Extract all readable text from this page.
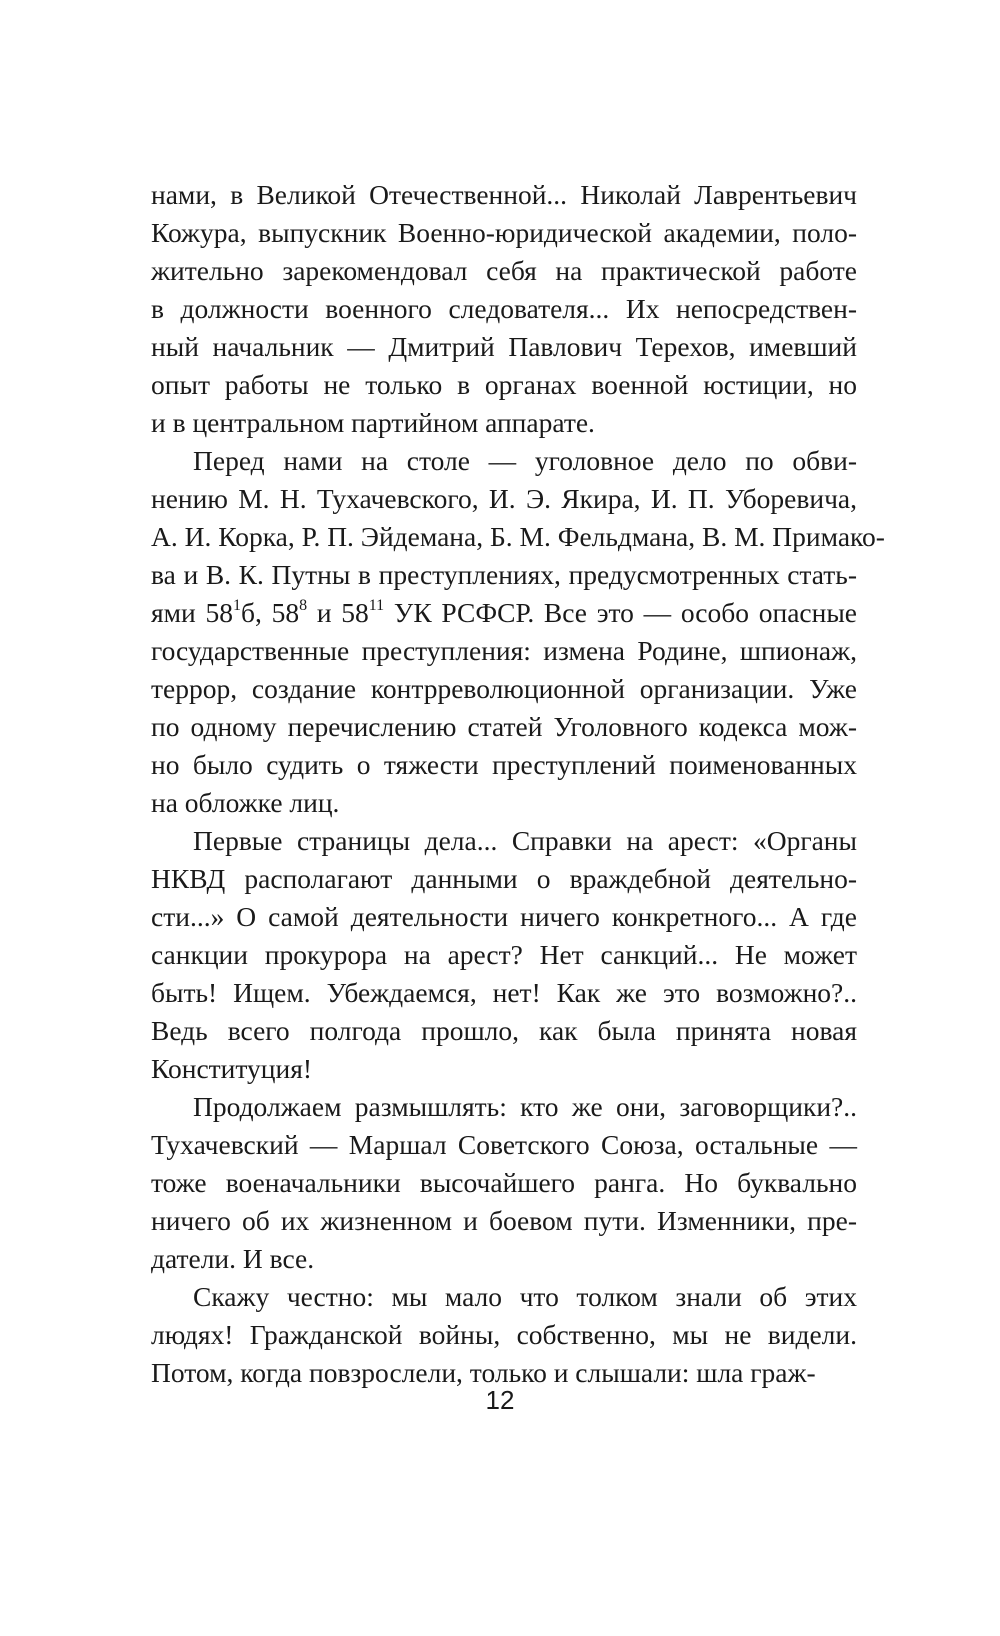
нами, в Великой Отечественной... Николай Лаврентьевич
Кожура, выпускник Военно-юридической академии, поло-
жительно зарекомендовал себя на практической работе
в должности военного следователя... Их непосредствен-
ный начальник — Дмитрий Павлович Терехов, имевший
опыт работы не только в органах военной юстиции, но
и в центральном партийном аппарате.
Перед нами на столе — уголовное дело по обви-
нению М. Н. Тухачевского, И. Э. Якира, И. П. Уборевича,
А. И. Корка, Р. П. Эйдемана, Б. М. Фельдмана, В. М. Примако-
ва и В. К. Путны в преступлениях, предусмотренных стать-
ями $58^1б$, $58^8$ и $58^{11}$ УК РСФСР. Все это — особо опасные
государственные преступления: измена Родине, шпионаж,
террор, создание контрреволюционной организации. Уже
по одному перечислению статей Уголовного кодекса мож-
но было судить о тяжести преступлений поименованных
на обложке лиц.
Первые страницы дела... Справки на арест: «Органы
НКВД располагают данными о враждебной деятельно-
сти...» О самой деятельности ничего конкретного... А где
санкции прокурора на арест? Нет санкций... Не может
быть! Ищем. Убеждаемся, нет! Как же это возможно?..
Ведь всего полгода прошло, как была принята новая
Конституция!
Продолжаем размышлять: кто же они, заговорщики?..
Тухачевский — Маршал Советского Союза, остальные —
тоже военачальники высочайшего ранга. Но буквально
ничего об их жизненном и боевом пути. Изменники, пре-
датели. И все.
Скажу честно: мы мало что толком знали об этих
людях! Гражданской войны, собственно, мы не видели.
Потом, когда повзрослели, только и слышали: шла граж-
12
